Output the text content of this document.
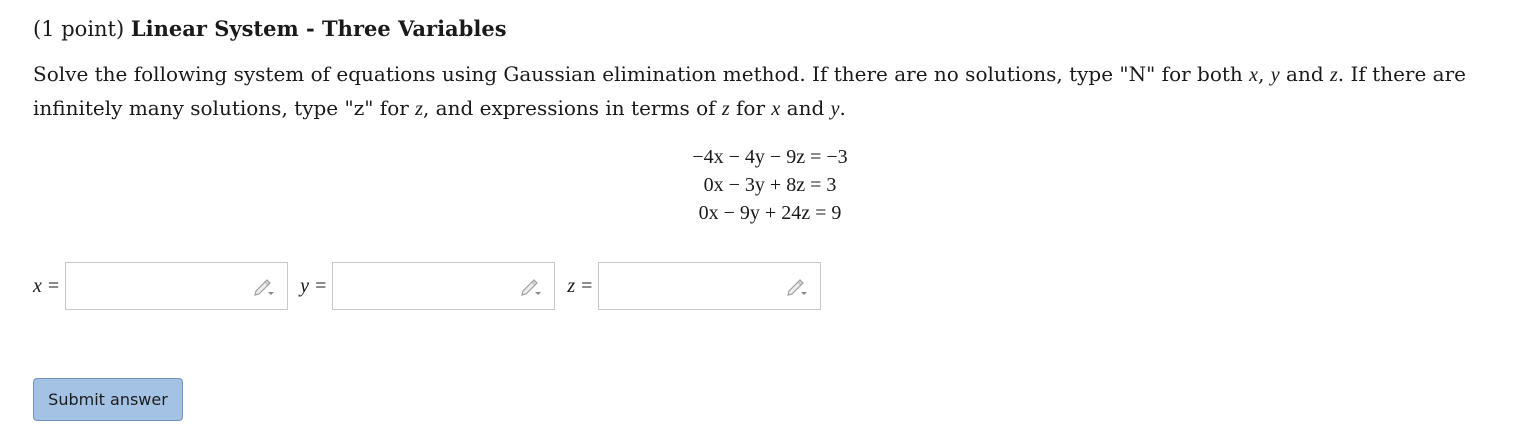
(1 point) Linear System - Three Variables

Solve the following system of equations using Gaussian elimination method. If there are no solutions, type "N" for both x, y and z. If there are infinitely many solutions, type "z" for z, and expressions in terms of z for x and y.

−4x − 4y − 9z = −3
0x − 3y + 8z = 3
0x − 9y + 24z = 9
x =	y =	z =
Submit answer
